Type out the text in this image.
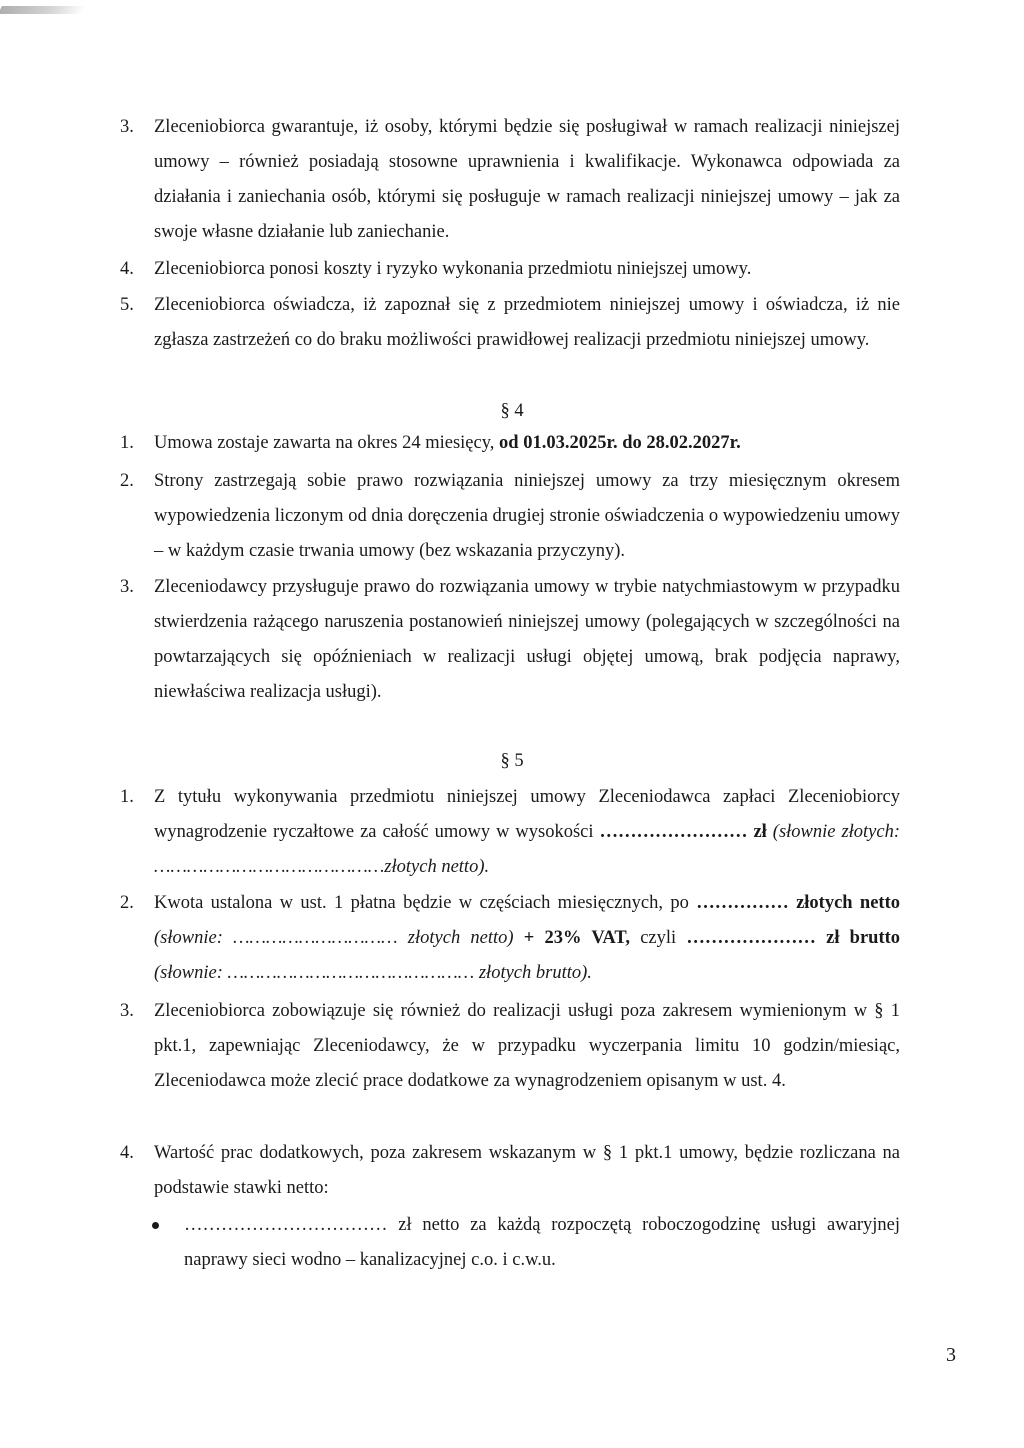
3.	Zleceniobiorca gwarantuje, iż osoby, którymi będzie się posługiwał w ramach realizacji niniejszej umowy – również posiadają stosowne uprawnienia i kwalifikacje. Wykonawca odpowiada za działania i zaniechania osób, którymi się posługuje w ramach realizacji niniejszej umowy – jak za swoje własne działanie lub zaniechanie.
4.	Zleceniobiorca ponosi koszty i ryzyko wykonania przedmiotu niniejszej umowy.
5.	Zleceniobiorca oświadcza, iż zapoznał się z przedmiotem niniejszej umowy i oświadcza, iż nie zgłasza zastrzeżeń co do braku możliwości prawidłowej realizacji przedmiotu niniejszej umowy.
§ 4
1.	Umowa zostaje zawarta na okres 24 miesięcy, od 01.03.2025r. do 28.02.2027r.
2.	Strony zastrzegają sobie prawo rozwiązania niniejszej umowy za trzy miesięcznym okresem wypowiedzenia liczonym od dnia doręczenia drugiej stronie oświadczenia o wypowiedzeniu umowy – w każdym czasie trwania umowy (bez wskazania przyczyny).
3.	Zleceniodawcy przysługuje prawo do rozwiązania umowy w trybie natychmiastowym w przypadku stwierdzenia rażącego naruszenia postanowień niniejszej umowy (polegających w szczególności na powtarzających się opóźnieniach w realizacji usługi objętej umową, brak podjęcia naprawy, niewłaściwa realizacja usługi).
§ 5
1.	Z tytułu wykonywania przedmiotu niniejszej umowy Zleceniodawca zapłaci Zleceniobiorcy wynagrodzenie ryczałtowe za całość umowy w wysokości …………………… zł (słownie złotych: ……………………………………złotych netto).
2.	Kwota ustalona w ust. 1 płatna będzie w częściach miesięcznych, po …………… złotych netto (słownie: ………………………… złotych netto) + 23% VAT, czyli ………………… zł brutto (słownie: ……………………………………… złotych brutto).
3.	Zleceniobiorca zobowiązuje się również do realizacji usługi poza zakresem wymienionym w § 1 pkt.1, zapewniając Zleceniodawcy, że w przypadku wyczerpania limitu 10 godzin/miesiąc, Zleceniodawca może zlecić prace dodatkowe za wynagrodzeniem opisanym w ust. 4.
4.	Wartość prac dodatkowych, poza zakresem wskazanym w § 1 pkt.1 umowy, będzie rozliczana na podstawie stawki netto:
…………………………… zł netto za każdą rozpoczętą roboczogodzinę usługi awaryjnej naprawy sieci wodno – kanalizacyjnej c.o. i c.w.u.
3
